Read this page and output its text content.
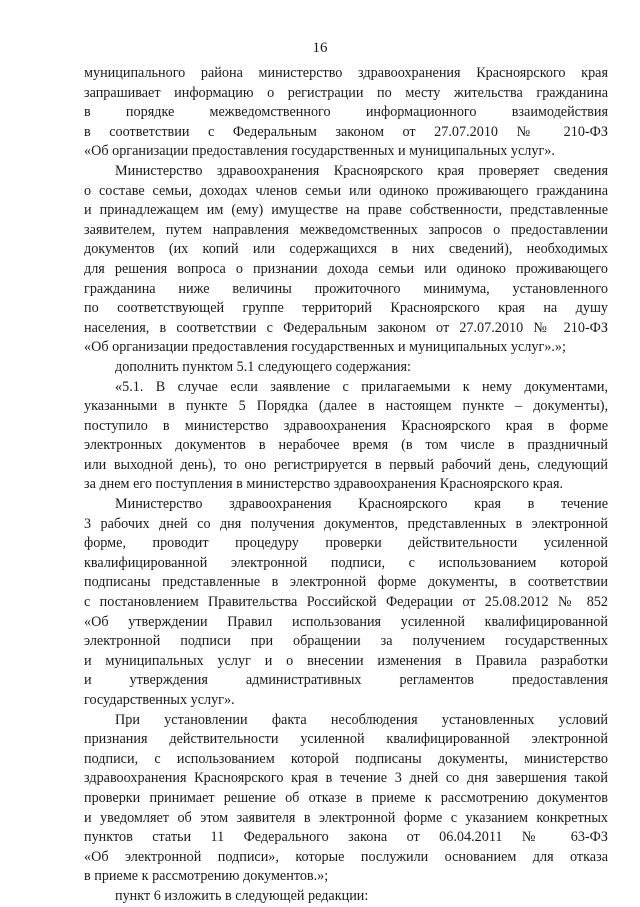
16
муниципального района министерство здравоохранения Красноярского края
запрашивает информацию о регистрации по месту жительства гражданина
в порядке межведомственного информационного взаимодействия
в соответствии с Федеральным законом от 27.07.2010 № 210-ФЗ
«Об организации предоставления государственных и муниципальных услуг».
Министерство здравоохранения Красноярского края проверяет сведения
о составе семьи, доходах членов семьи или одиноко проживающего гражданина
и принадлежащем им (ему) имуществе на праве собственности, представленные
заявителем, путем направления межведомственных запросов о предоставлении
документов (их копий или содержащихся в них сведений), необходимых
для решения вопроса о признании дохода семьи или одиноко проживающего
гражданина ниже величины прожиточного минимума, установленного
по соответствующей группе территорий Красноярского края на душу
населения, в соответствии с Федеральным законом от 27.07.2010 № 210-ФЗ
«Об организации предоставления государственных и муниципальных услуг».»;
дополнить пунктом 5.1 следующего содержания:
«5.1. В случае если заявление с прилагаемыми к нему документами,
указанными в пункте 5 Порядка (далее в настоящем пункте – документы),
поступило в министерство здравоохранения Красноярского края в форме
электронных документов в нерабочее время (в том числе в праздничный
или выходной день), то оно регистрируется в первый рабочий день, следующий
за днем его поступления в министерство здравоохранения Красноярского края.
Министерство здравоохранения Красноярского края в течение
3 рабочих дней со дня получения документов, представленных в электронной
форме, проводит процедуру проверки действительности усиленной
квалифицированной электронной подписи, с использованием которой
подписаны представленные в электронной форме документы, в соответствии
с постановлением Правительства Российской Федерации от 25.08.2012 № 852
«Об утверждении Правил использования усиленной квалифицированной
электронной подписи при обращении за получением государственных
и муниципальных услуг и о внесении изменения в Правила разработки
и утверждения административных регламентов предоставления
государственных услуг».
При установлении факта несоблюдения установленных условий
признания действительности усиленной квалифицированной электронной
подписи, с использованием которой подписаны документы, министерство
здравоохранения Красноярского края в течение 3 дней со дня завершения такой
проверки принимает решение об отказе в приеме к рассмотрению документов
и уведомляет об этом заявителя в электронной форме с указанием конкретных
пунктов статьи 11 Федерального закона от 06.04.2011 № 63-ФЗ
«Об электронной подписи», которые послужили основанием для отказа
в приеме к рассмотрению документов.»;
пункт 6 изложить в следующей редакции:
